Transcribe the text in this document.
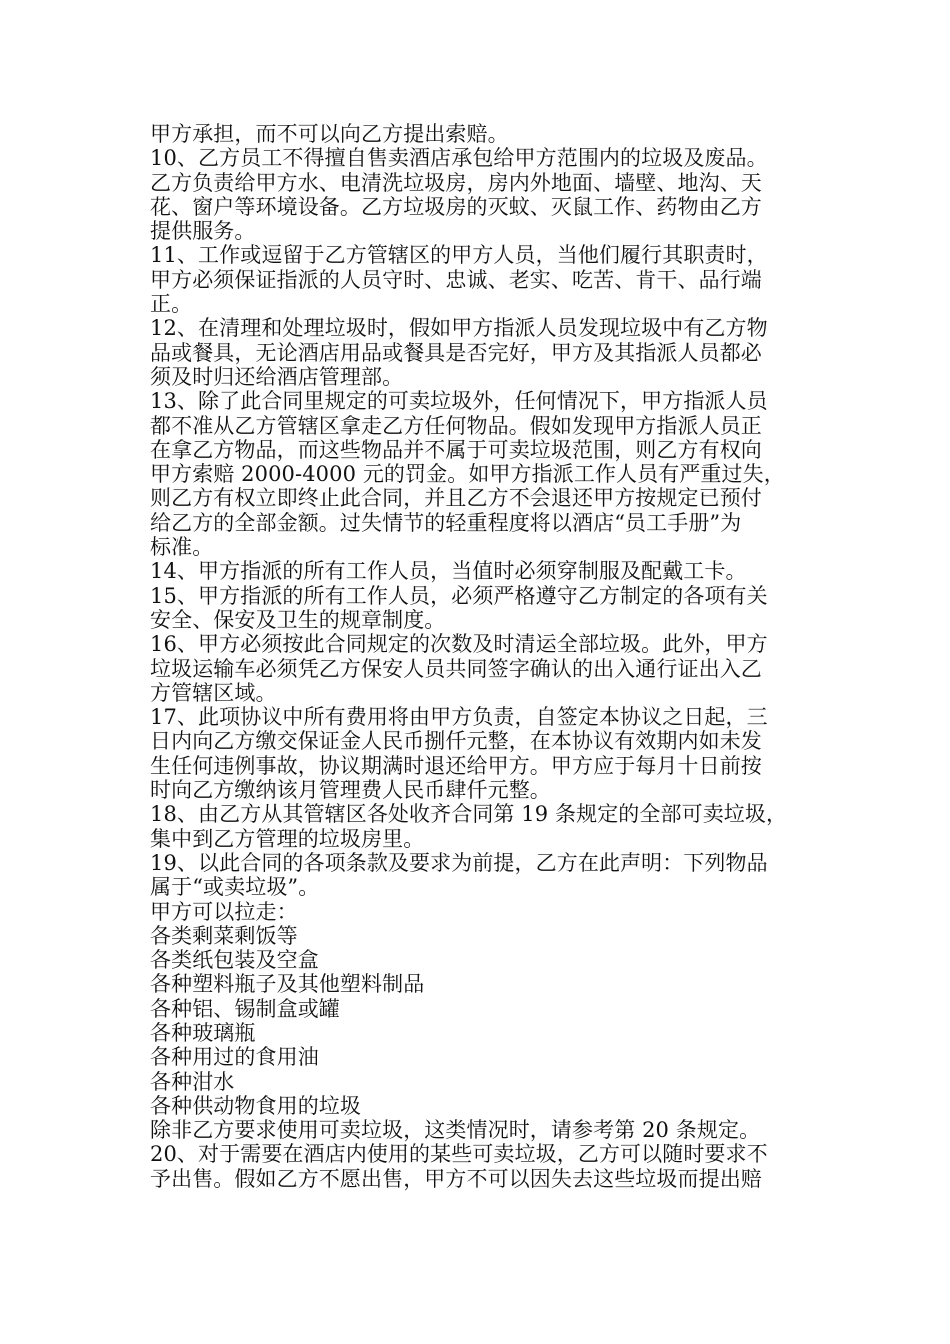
甲方承担，而不可以向乙方提出索赔。

10、乙方员工不得擅自售卖酒店承包给甲方范围内的垃圾及废品。

乙方负责给甲方水、电清洗垃圾房，房内外地面、墙壁、地沟、天

花、窗户等环境设备。乙方垃圾房的灭蚊、灭鼠工作、药物由乙方

提供服务。

11、工作或逗留于乙方管辖区的甲方人员，当他们履行其职责时，

甲方必须保证指派的人员守时、忠诚、老实、吃苦、肯干、品行端

正。

12、在清理和处理垃圾时，假如甲方指派人员发现垃圾中有乙方物

品或餐具，无论酒店用品或餐具是否完好，甲方及其指派人员都必

须及时归还给酒店管理部。

13、除了此合同里规定的可卖垃圾外，任何情况下，甲方指派人员

都不准从乙方管辖区拿走乙方任何物品。假如发现甲方指派人员正

在拿乙方物品，而这些物品并不属于可卖垃圾范围，则乙方有权向

甲方索赔 2000-4000 元的罚金。如甲方指派工作人员有严重过失，

则乙方有权立即终止此合同，并且乙方不会退还甲方按规定已预付

给乙方的全部金额。过失情节的轻重程度将以酒店“员工手册”为

标准。

14、甲方指派的所有工作人员，当值时必须穿制服及配戴工卡。

15、甲方指派的所有工作人员，必须严格遵守乙方制定的各项有关

安全、保安及卫生的规章制度。

16、甲方必须按此合同规定的次数及时清运全部垃圾。此外，甲方

垃圾运输车必须凭乙方保安人员共同签字确认的出入通行证出入乙

方管辖区域。

17、此项协议中所有费用将由甲方负责，自签定本协议之日起，三

日内向乙方缴交保证金人民币捌仟元整，在本协议有效期内如未发

生任何违例事故，协议期满时退还给甲方。甲方应于每月十日前按

时向乙方缴纳该月管理费人民币肆仟元整。

18、由乙方从其管辖区各处收齐合同第 19 条规定的全部可卖垃圾，

集中到乙方管理的垃圾房里。

19、以此合同的各项条款及要求为前提，乙方在此声明：下列物品

属于“或卖垃圾”。

甲方可以拉走：

各类剩菜剩饭等

各类纸包装及空盒

各种塑料瓶子及其他塑料制品

各种铝、锡制盒或罐

各种玻璃瓶

各种用过的食用油

各种泔水

各种供动物食用的垃圾

除非乙方要求使用可卖垃圾，这类情况时，请参考第 20 条规定。

20、对于需要在酒店内使用的某些可卖垃圾，乙方可以随时要求不

予出售。假如乙方不愿出售，甲方不可以因失去这些垃圾而提出赔
